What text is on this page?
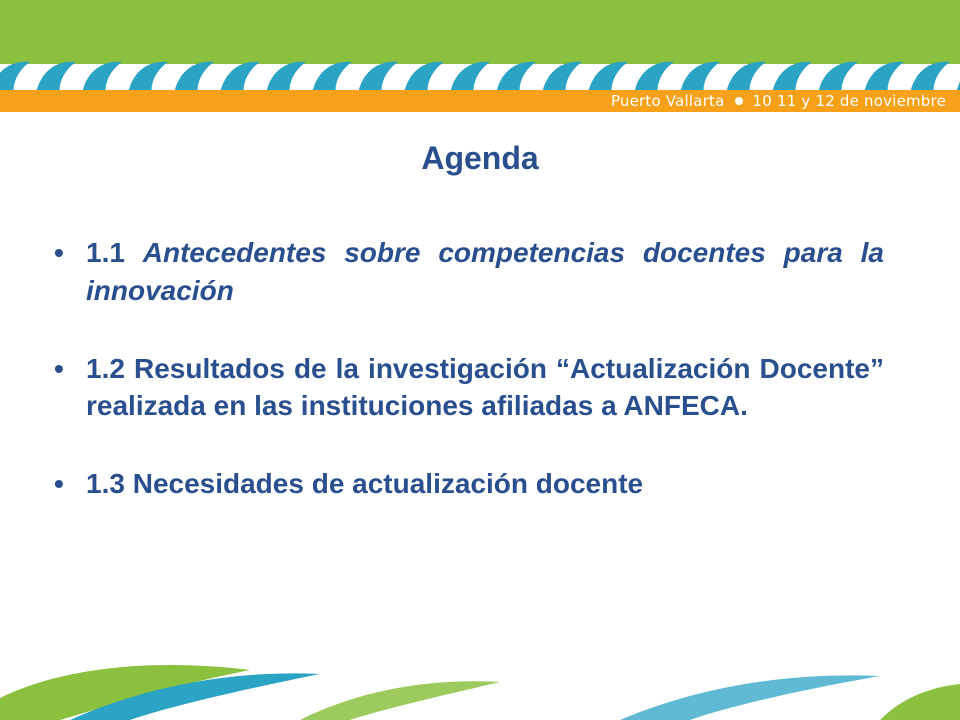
Puerto Vallarta 10 11 y 12 de noviembre
Agenda
• 1.1 Antecedentes sobre competencias docentes para la innovación
• 1.2 Resultados de la investigación “Actualización Docente” realizada en las instituciones afiliadas a ANFECA.
• 1.3 Necesidades de actualización docente
